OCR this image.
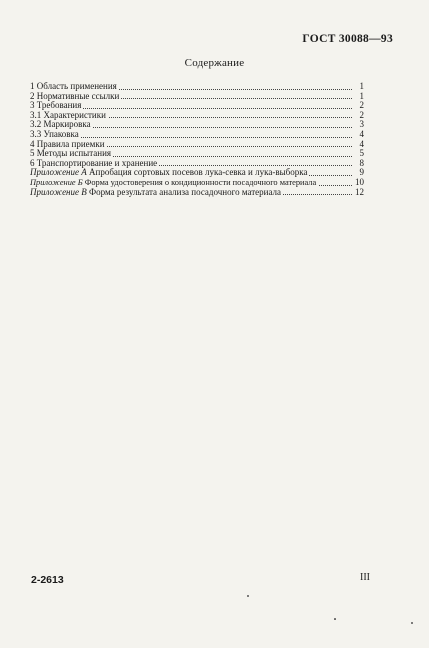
ГОСТ 30088—93
Содержание
1 Область применения	1
2 Нормативные ссылки	1
3 Требования	2
3.1 Характеристики	2
3.2 Маркировка	3
3.3 Упаковка	4
4 Правила приемки	4
5 Методы испытания	5
6 Транспортирование и хранение	8
Приложение А Апробация сортовых посевов лука-севка и лука-выборка	9
Приложение Б Форма удостоверения о кондиционности посадочного материала	10
Приложение В Форма результата анализа посадочного материала	12
2-2613	III
